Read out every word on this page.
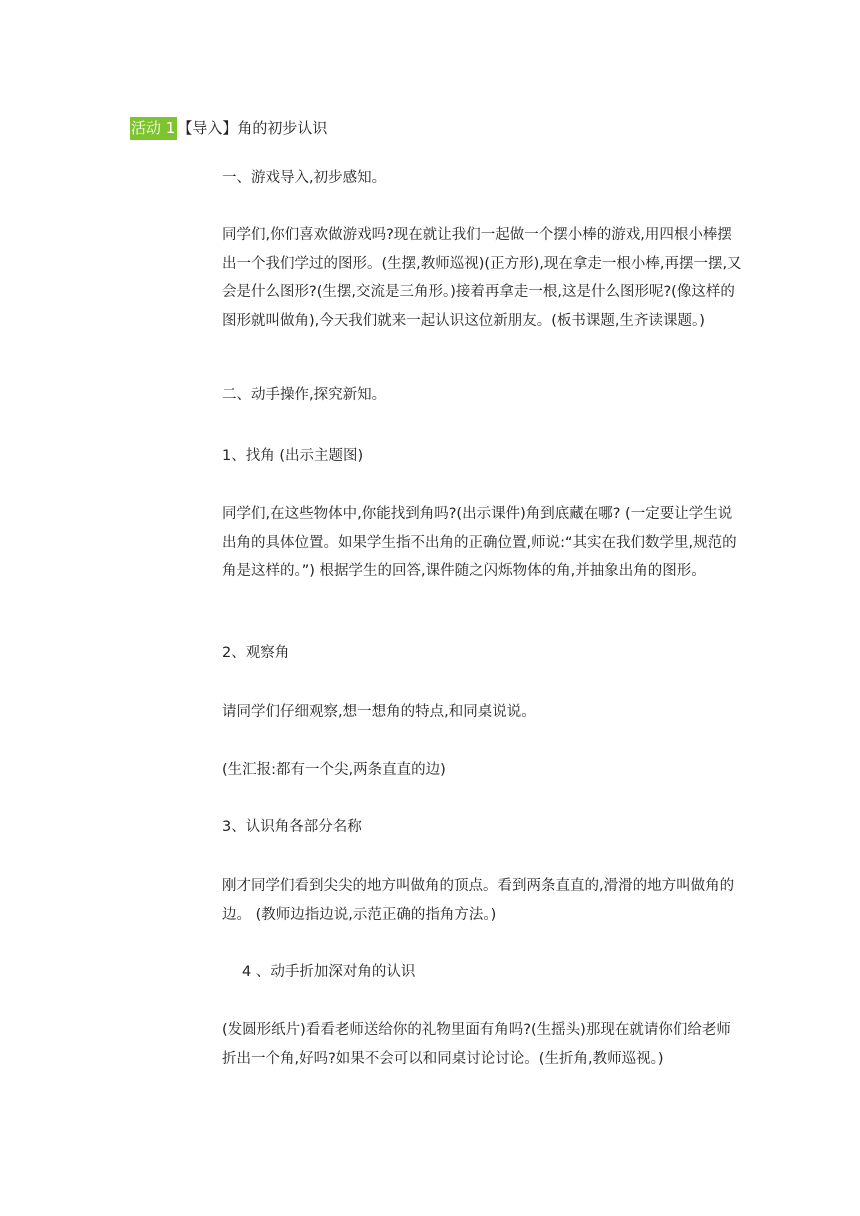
活动 1 【导入】角的初步认识

一、游戏导入,初步感知。

同学们,你们喜欢做游戏吗?现在就让我们一起做一个摆小棒的游戏,用四根小棒摆出一个我们学过的图形。(生摆,教师巡视)(正方形),现在拿走一根小棒,再摆一摆,又会是什么图形?(生摆,交流是三角形。)接着再拿走一根,这是什么图形呢?(像这样的图形就叫做角),今天我们就来一起认识这位新朋友。(板书课题,生齐读课题。)

二、动手操作,探究新知。

1、找角 (出示主题图)

同学们,在这些物体中,你能找到角吗?(出示课件)角到底藏在哪? (一定要让学生说出角的具体位置。如果学生指不出角的正确位置,师说:“其实在我们数学里,规范的角是这样的。”) 根据学生的回答,课件随之闪烁物体的角,并抽象出角的图形。

2、观察角

请同学们仔细观察,想一想角的特点,和同桌说说。

(生汇报:都有一个尖,两条直直的边)

3、认识角各部分名称

刚才同学们看到尖尖的地方叫做角的顶点。看到两条直直的,滑滑的地方叫做角的边。 (教师边指边说,示范正确的指角方法。)

4 、动手折加深对角的认识

(发圆形纸片)看看老师送给你的礼物里面有角吗?(生摇头)那现在就请你们给老师折出一个角,好吗?如果不会可以和同桌讨论讨论。(生折角,教师巡视。)
